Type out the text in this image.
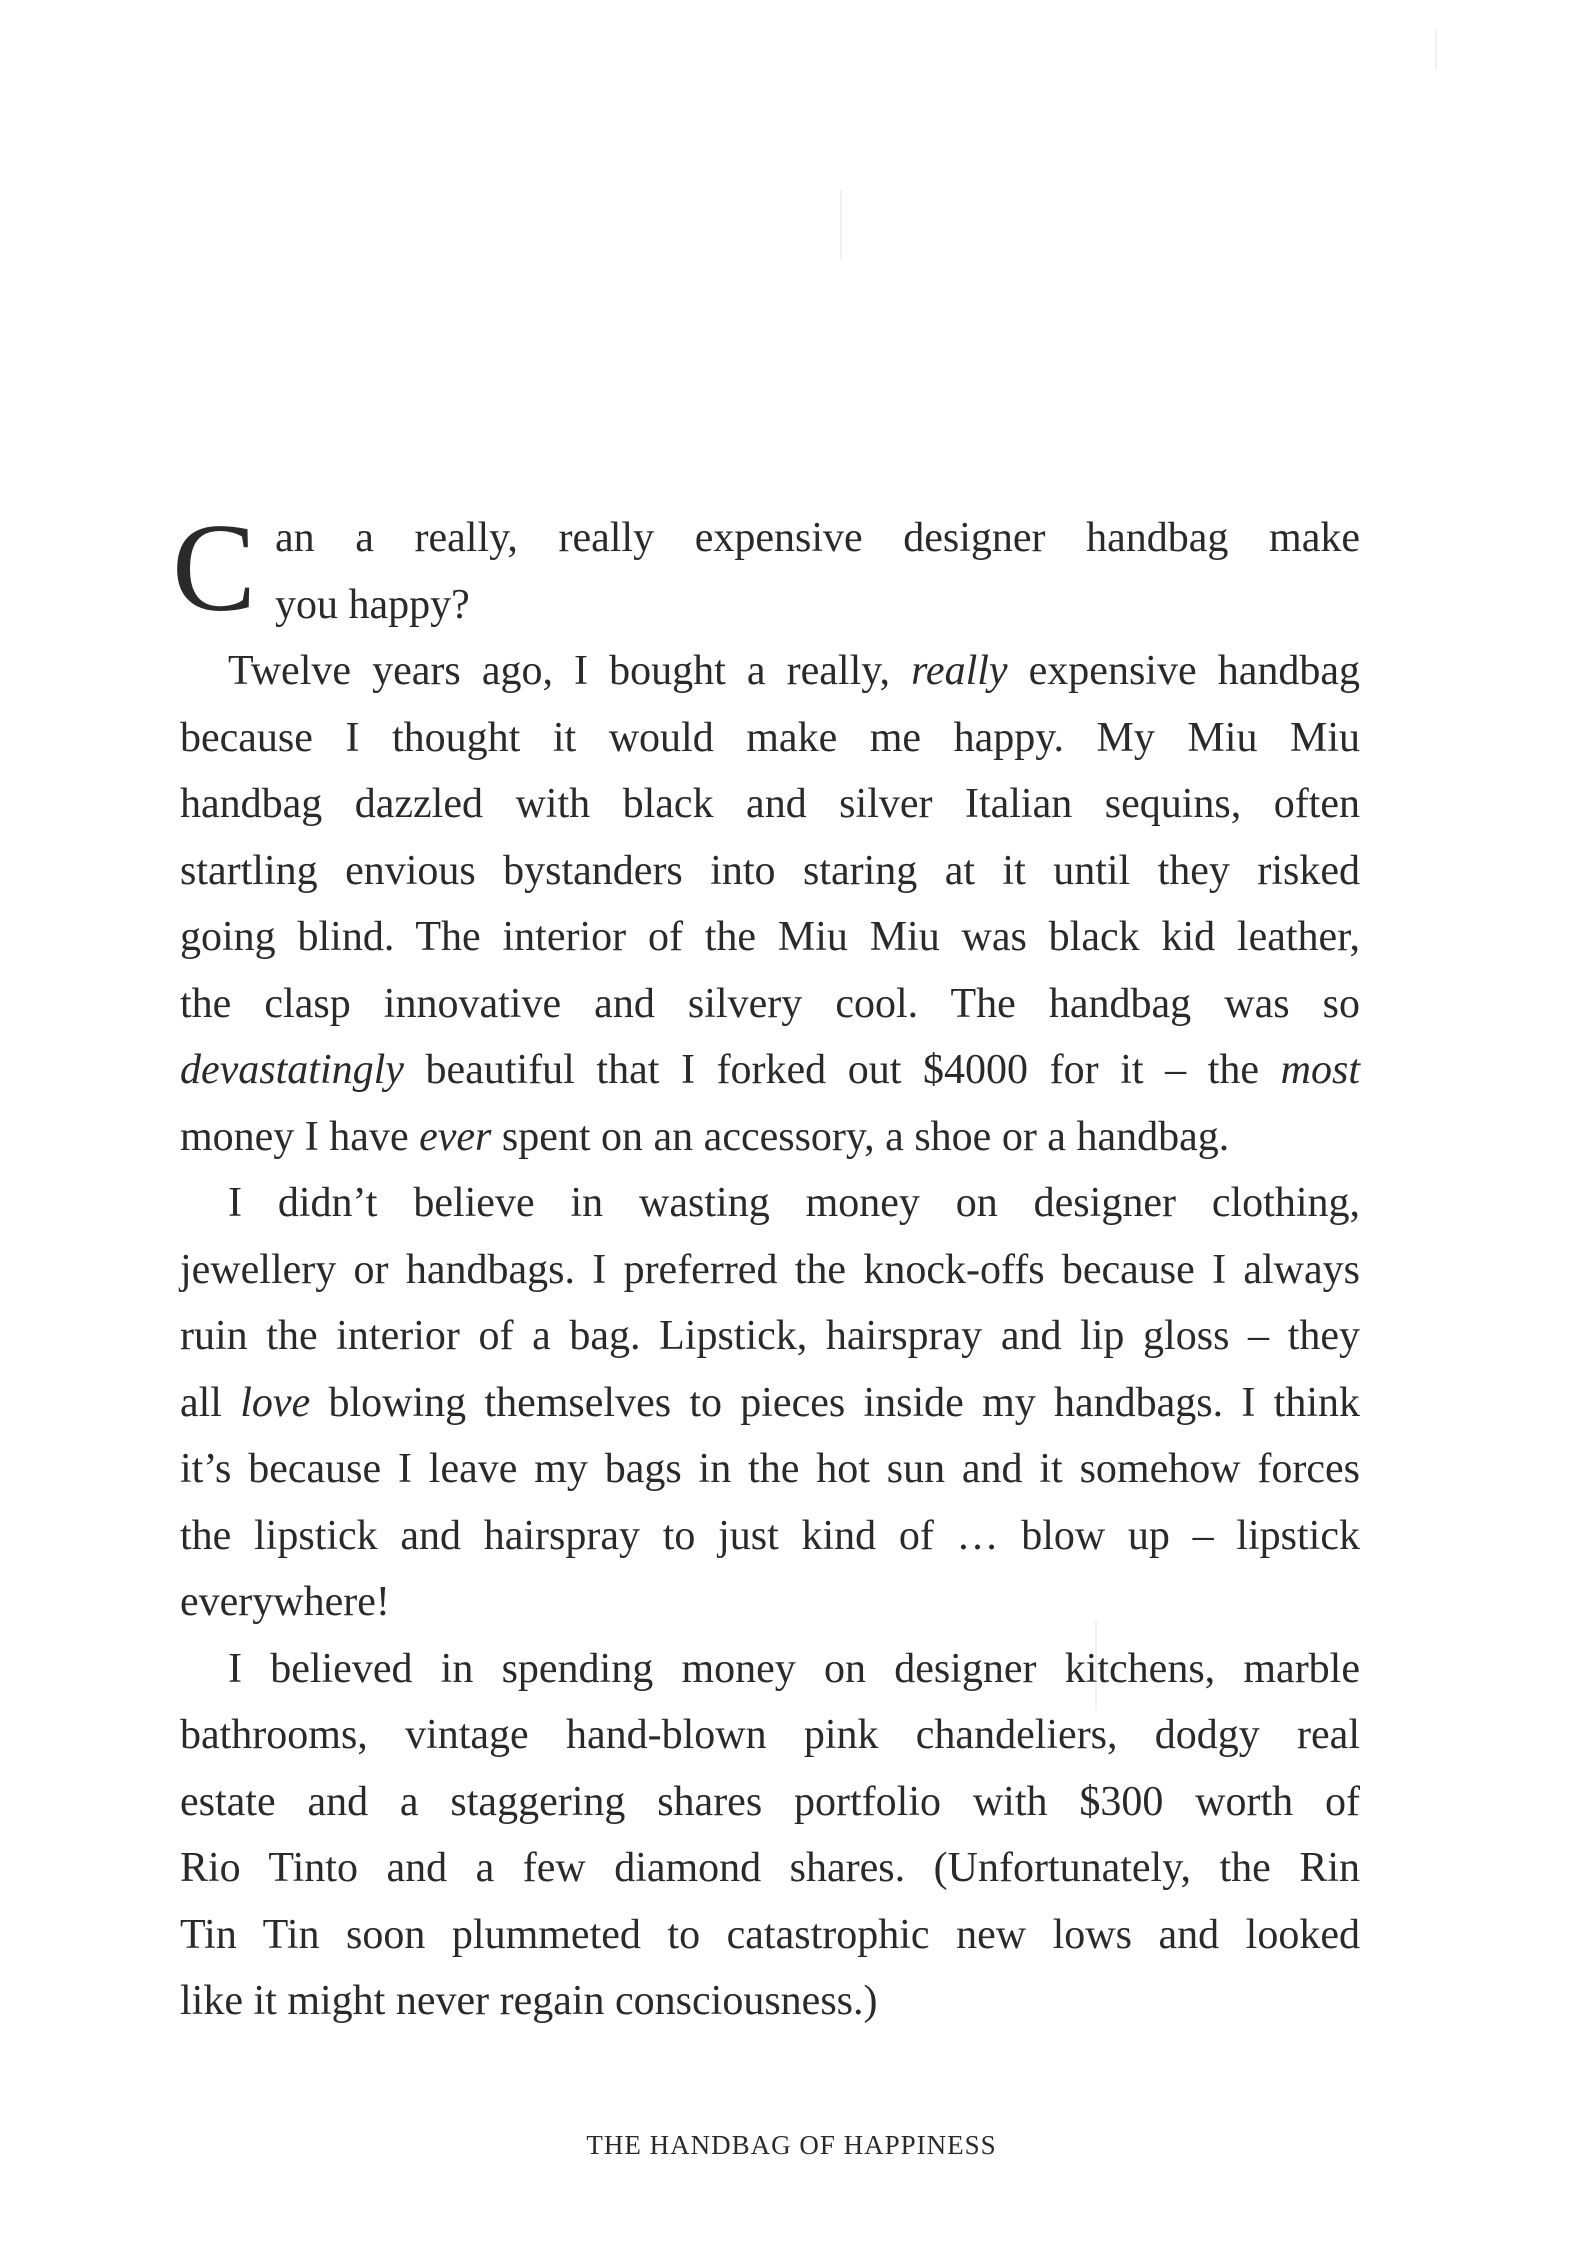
C an a really, really expensive designer handbag make
you happy?
Twelve years ago, I bought a really, really expensive handbag
because I thought it would make me happy. My Miu Miu
handbag dazzled with black and silver Italian sequins, often
startling envious bystanders into staring at it until they risked
going blind. The interior of the Miu Miu was black kid leather,
the clasp innovative and silvery cool. The handbag was so
devastatingly beautiful that I forked out $4000 for it – the most
money I have ever spent on an accessory, a shoe or a handbag.
I didn’t believe in wasting money on designer clothing,
jewellery or handbags. I preferred the knock-offs because I always
ruin the interior of a bag. Lipstick, hairspray and lip gloss – they
all love blowing themselves to pieces inside my handbags. I think
it’s because I leave my bags in the hot sun and it somehow forces
the lipstick and hairspray to just kind of … blow up – lipstick
everywhere!
I believed in spending money on designer kitchens, marble
bathrooms, vintage hand-blown pink chandeliers, dodgy real
estate and a staggering shares portfolio with $300 worth of
Rio Tinto and a few diamond shares. (Unfortunately, the Rin
Tin Tin soon plummeted to catastrophic new lows and looked
like it might never regain consciousness.)
THE HANDBAG OF HAPPINESS
